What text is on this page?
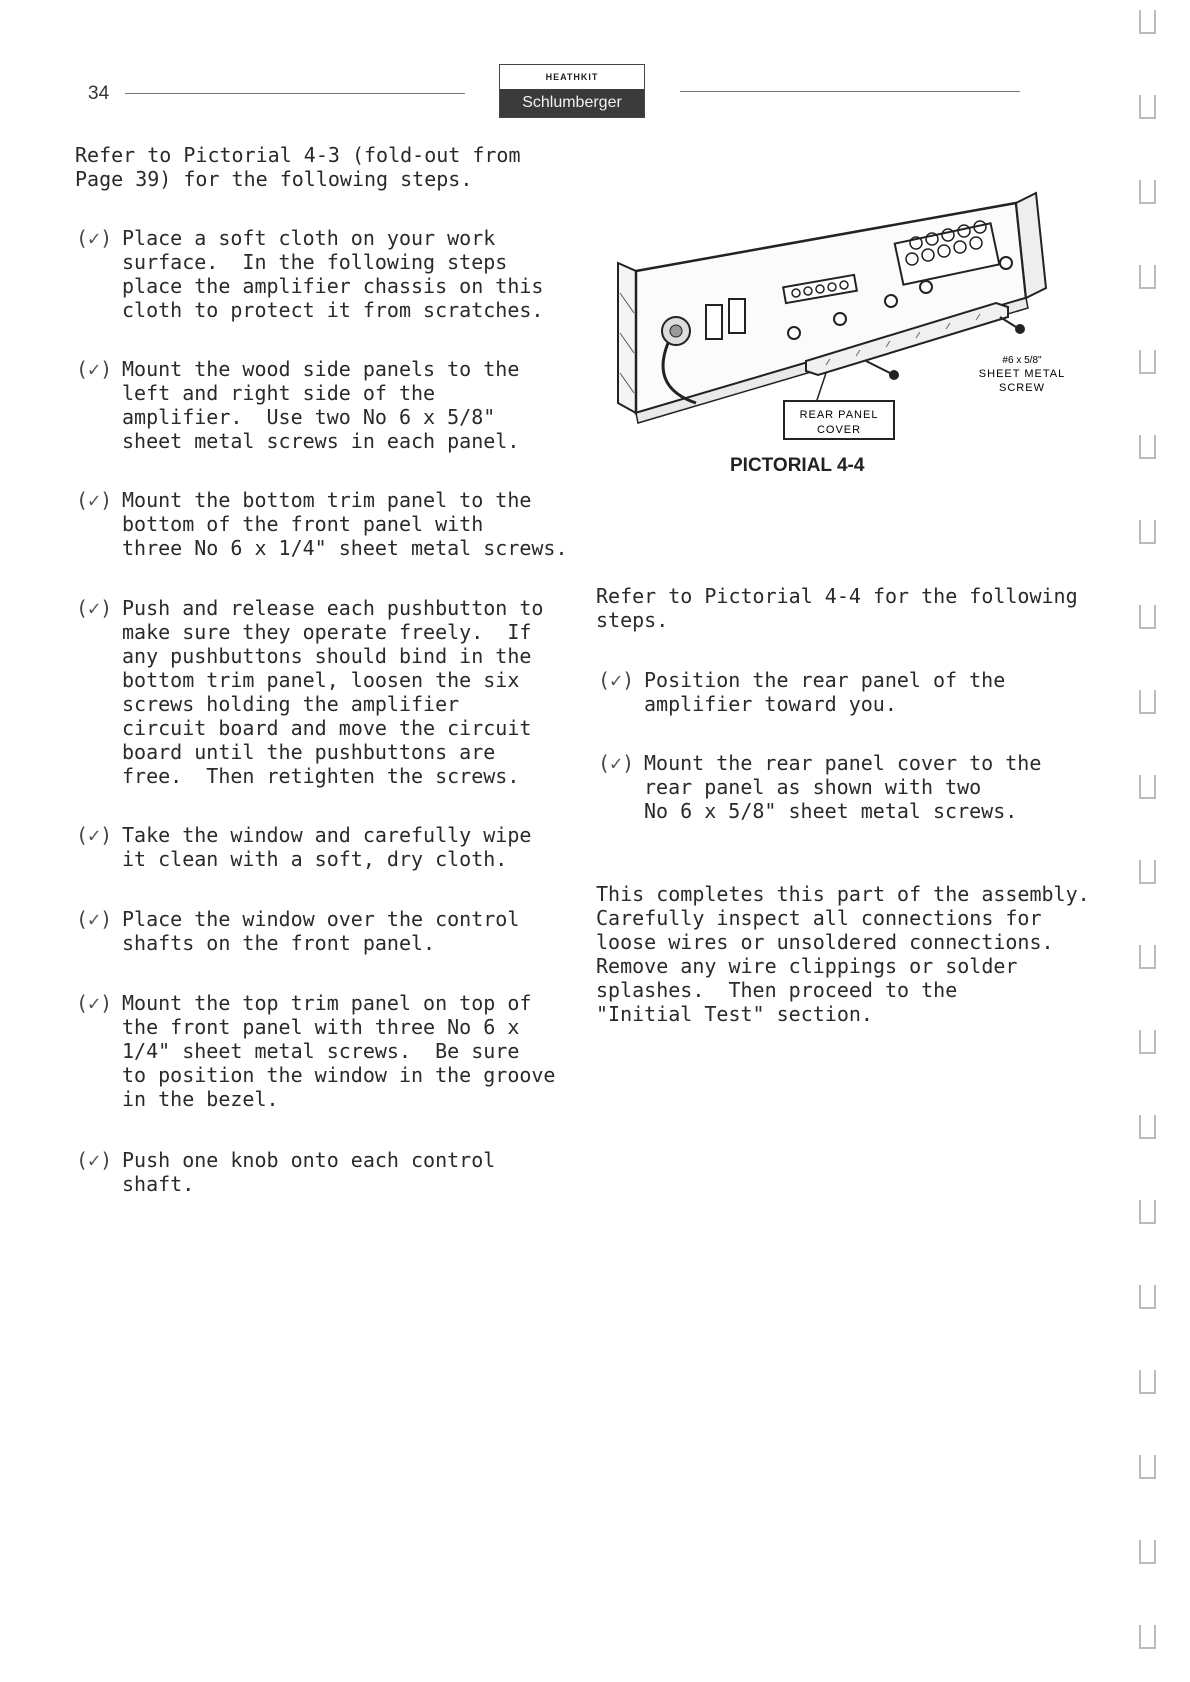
34
HEATHKIT
Schlumberger
Refer to Pictorial 4-3 (fold-out from
Page 39) for the following steps.
(✓) Place a soft cloth on your work
surface.  In the following steps
place the amplifier chassis on this
cloth to protect it from scratches.
(✓) Mount the wood side panels to the
left and right side of the
amplifier.  Use two No 6 x 5/8"
sheet metal screws in each panel.
(✓) Mount the bottom trim panel to the
bottom of the front panel with
three No 6 x 1/4" sheet metal screws.
(✓) Push and release each pushbutton to
make sure they operate freely.  If
any pushbuttons should bind in the
bottom trim panel, loosen the six
screws holding the amplifier
circuit board and move the circuit
board until the pushbuttons are
free.  Then retighten the screws.
(✓) Take the window and carefully wipe
it clean with a soft, dry cloth.
(✓) Place the window over the control
shafts on the front panel.
(✓) Mount the top trim panel on top of
the front panel with three No 6 x
1/4" sheet metal screws.  Be sure
to position the window in the groove
in the bezel.
(✓) Push one knob onto each control
shaft.
REAR PANEL
COVER
#6 x 5/8"
SHEET METAL
SCREW
PICTORIAL 4-4
Refer to Pictorial 4-4 for the following
steps.
(✓) Position the rear panel of the
amplifier toward you.
(✓) Mount the rear panel cover to the
rear panel as shown with two
No 6 x 5/8" sheet metal screws.
This completes this part of the assembly.
Carefully inspect all connections for
loose wires or unsoldered connections.
Remove any wire clippings or solder
splashes.  Then proceed to the
"Initial Test" section.
